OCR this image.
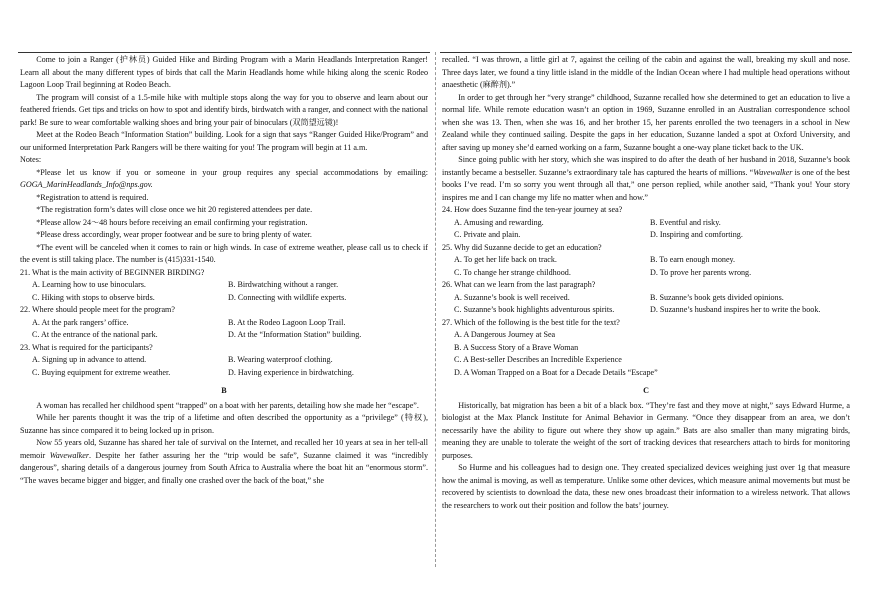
Come to join a Ranger (护林员) Guided Hike and Birding Program with a Marin Headlands Interpretation Ranger! Learn all about the many different types of birds that call the Marin Headlands home while hiking along the scenic Rodeo Lagoon Loop Trail beginning at Rodeo Beach.

The program will consist of a 1.5-mile hike with multiple stops along the way for you to observe and learn about our feathered friends. Get tips and tricks on how to spot and identify birds, birdwatch with a ranger, and connect with the national park! Be sure to wear comfortable walking shoes and bring your pair of binoculars (双筒望远镜)!

Meet at the Rodeo Beach “Information Station” building. Look for a sign that says “Ranger Guided Hike/Program” and our uniformed Interpretation Park Rangers will be there waiting for you! The program will begin at 11 a.m.

Notes:

*Please let us know if you or someone in your group requires any special accommodations by emailing: GOGA_MarinHeadlands_Info@nps.gov.

*Registration to attend is required.

*The registration form’s dates will close once we hit 20 registered attendees per date.

*Please allow 24～48 hours before receiving an email confirming your registration.

*Please dress accordingly, wear proper footwear and be sure to bring plenty of water.

*The event will be canceled when it comes to rain or high winds. In case of extreme weather, please call us to check if the event is still taking place. The number is (415)331-1540.

21. What is the main activity of BEGINNER BIRDING?

A. Learning how to use binoculars.	B. Birdwatching without a ranger.
C. Hiking with stops to observe birds.	D. Connecting with wildlife experts.

22. Where should people meet for the program?

A. At the park rangers’ office.	B. At the Rodeo Lagoon Loop Trail.
C. At the entrance of the national park.	D. At the “Information Station” building.

23. What is required for the participants?

A. Signing up in advance to attend.	B. Wearing waterproof clothing.
C. Buying equipment for extreme weather.	D. Having experience in birdwatching.
B

A woman has recalled her childhood spent “trapped” on a boat with her parents, detailing how she made her “escape”.

While her parents thought it was the trip of a lifetime and often described the opportunity as a “privilege” (特权), Suzanne has since compared it to being locked up in prison.

Now 55 years old, Suzanne has shared her tale of survival on the Internet, and recalled her 10 years at sea in her tell-all memoir Wavewalker. Despite her father assuring her the “trip would be safe”, Suzanne claimed it was “incredibly dangerous”, sharing details of a dangerous journey from South Africa to Australia where the boat hit an “enormous storm”. “The waves became bigger and bigger, and finally one crashed over the back of the boat,” she

recalled. “I was thrown, a little girl at 7, against the ceiling of the cabin and against the wall, breaking my skull and nose. Three days later, we found a tiny little island in the middle of the Indian Ocean where I had multiple head operations without anaesthetic (麻醉剂).”

In order to get through her “very strange” childhood, Suzanne recalled how she determined to get an education to live a normal life. While remote education wasn’t an option in 1969, Suzanne enrolled in an Australian correspondence school when she was 13. Then, when she was 16, and her brother 15, her parents enrolled the two teenagers in a school in New Zealand while they continued sailing. Despite the gaps in her education, Suzanne landed a spot at Oxford University, and after saving up money she’d earned working on a farm, Suzanne bought a one-way plane ticket back to the UK.

Since going public with her story, which she was inspired to do after the death of her husband in 2018, Suzanne’s book instantly became a bestseller. Suzanne’s extraordinary tale has captured the hearts of millions. “Wavewalker is one of the best books I’ve read. I’m so sorry you went through all that,” one person replied, while another said, “Thank you! Your story inspires me and I can change my life no matter when and how.”

24. How does Suzanne find the ten-year journey at sea?

A. Amusing and rewarding.	B. Eventful and risky.
C. Private and plain.	D. Inspiring and comforting.

25. Why did Suzanne decide to get an education?

A. To get her life back on track.	B. To earn enough money.
C. To change her strange childhood.	D. To prove her parents wrong.

26. What can we learn from the last paragraph?

A. Suzanne’s book is well received.	B. Suzanne’s book gets divided opinions.
C. Suzanne’s book highlights adventurous spirits.	D. Suzanne’s husband inspires her to write the book.

27. Which of the following is the best title for the text?

A. A Dangerous Journey at Sea
B. A Success Story of a Brave Woman
C. A Best-seller Describes an Incredible Experience
D. A Woman Trapped on a Boat for a Decade Details “Escape”
C

Historically, bat migration has been a bit of a black box. “They’re fast and they move at night,” says Edward Hurme, a biologist at the Max Planck Institute for Animal Behavior in Germany. “Once they disappear from an area, we don’t necessarily have the ability to figure out where they show up again.” Bats are also smaller than many migrating birds, meaning they are unable to tolerate the weight of the sort of tracking devices that researchers attach to birds for monitoring purposes.

So Hurme and his colleagues had to design one. They created specialized devices weighing just over 1g that measure how the animal is moving, as well as temperature. Unlike some other devices, which measure animal movements but must be recovered by scientists to download the data, these new ones broadcast their information to a wireless network. That allows the researchers to work out their position and follow the bats’ journey.
